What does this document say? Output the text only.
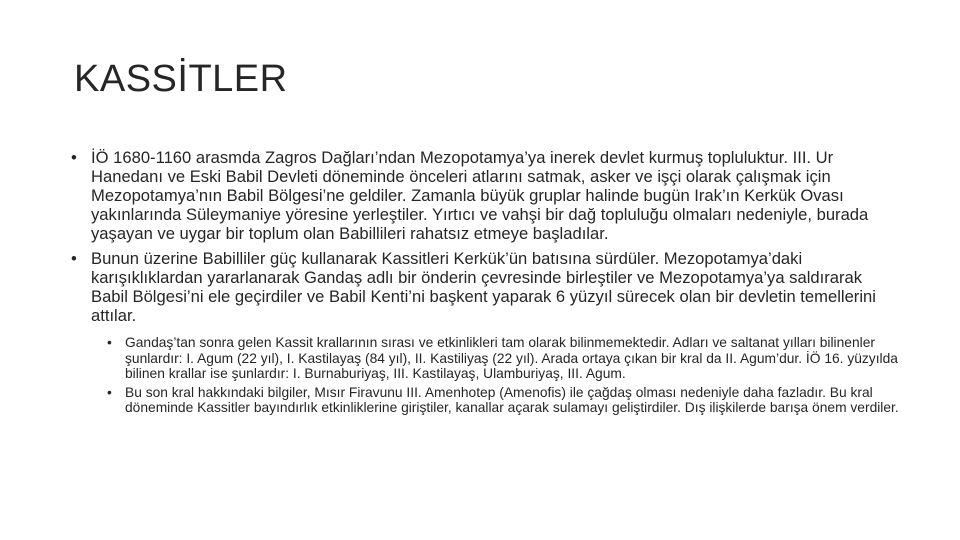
KASSİTLER
• İÖ 1680-1160 arasmda Zagros Dağları’ndan Mezopotamya’ya inerek devlet kurmuş topluluktur. III. Ur Hanedanı ve Eski Babil Devleti döneminde önceleri atlarını satmak, asker ve işçi olarak çalışmak için Mezopotamya’nın Babil Bölgesi’ne geldiler. Zamanla büyük gruplar halinde bugün Irak’ın Kerkük Ovası yakınlarında Süleymaniye yöresine yerleştiler. Yırtıcı ve vahşi bir dağ topluluğu olmaları nedeniyle, burada yaşayan ve uygar bir toplum olan Babillileri rahatsız etmeye başladılar.
• Bunun üzerine Babilliler güç kullanarak Kassitleri Kerkük’ün batısına sürdüler. Mezopotamya’daki karışıklıklardan yararlanarak Gandaş adlı bir önderin çevresinde birleştiler ve Mezopotamya’ya saldırarak Babil Bölgesi’ni ele geçirdiler ve Babil Kenti’ni başkent yaparak 6 yüzyıl sürecek olan bir devletin temellerini attılar.
• Gandaş’tan sonra gelen Kassit krallarının sırası ve etkinlikleri tam olarak bilinmemektedir. Adları ve saltanat yılları bilinenler şunlardır: I. Agum (22 yıl), I. Kastilayaş (84 yıl), II. Kastiliyaş (22 yıl). Arada ortaya çıkan bir kral da II. Agum’dur. İÖ 16. yüzyılda bilinen krallar ise şunlardır: I. Burnaburiyaş, III. Kastilayaş, Ulamburiyaş, III. Agum.
• Bu son kral hakkındaki bilgiler, Mısır Firavunu III. Amenhotep (Amenofis) ile çağdaş olması nedeniyle daha fazladır. Bu kral döneminde Kassitler bayındırlık etkinliklerine giriştiler, kanallar açarak sulamayı geliştirdiler. Dış ilişkilerde barışa önem verdiler.
